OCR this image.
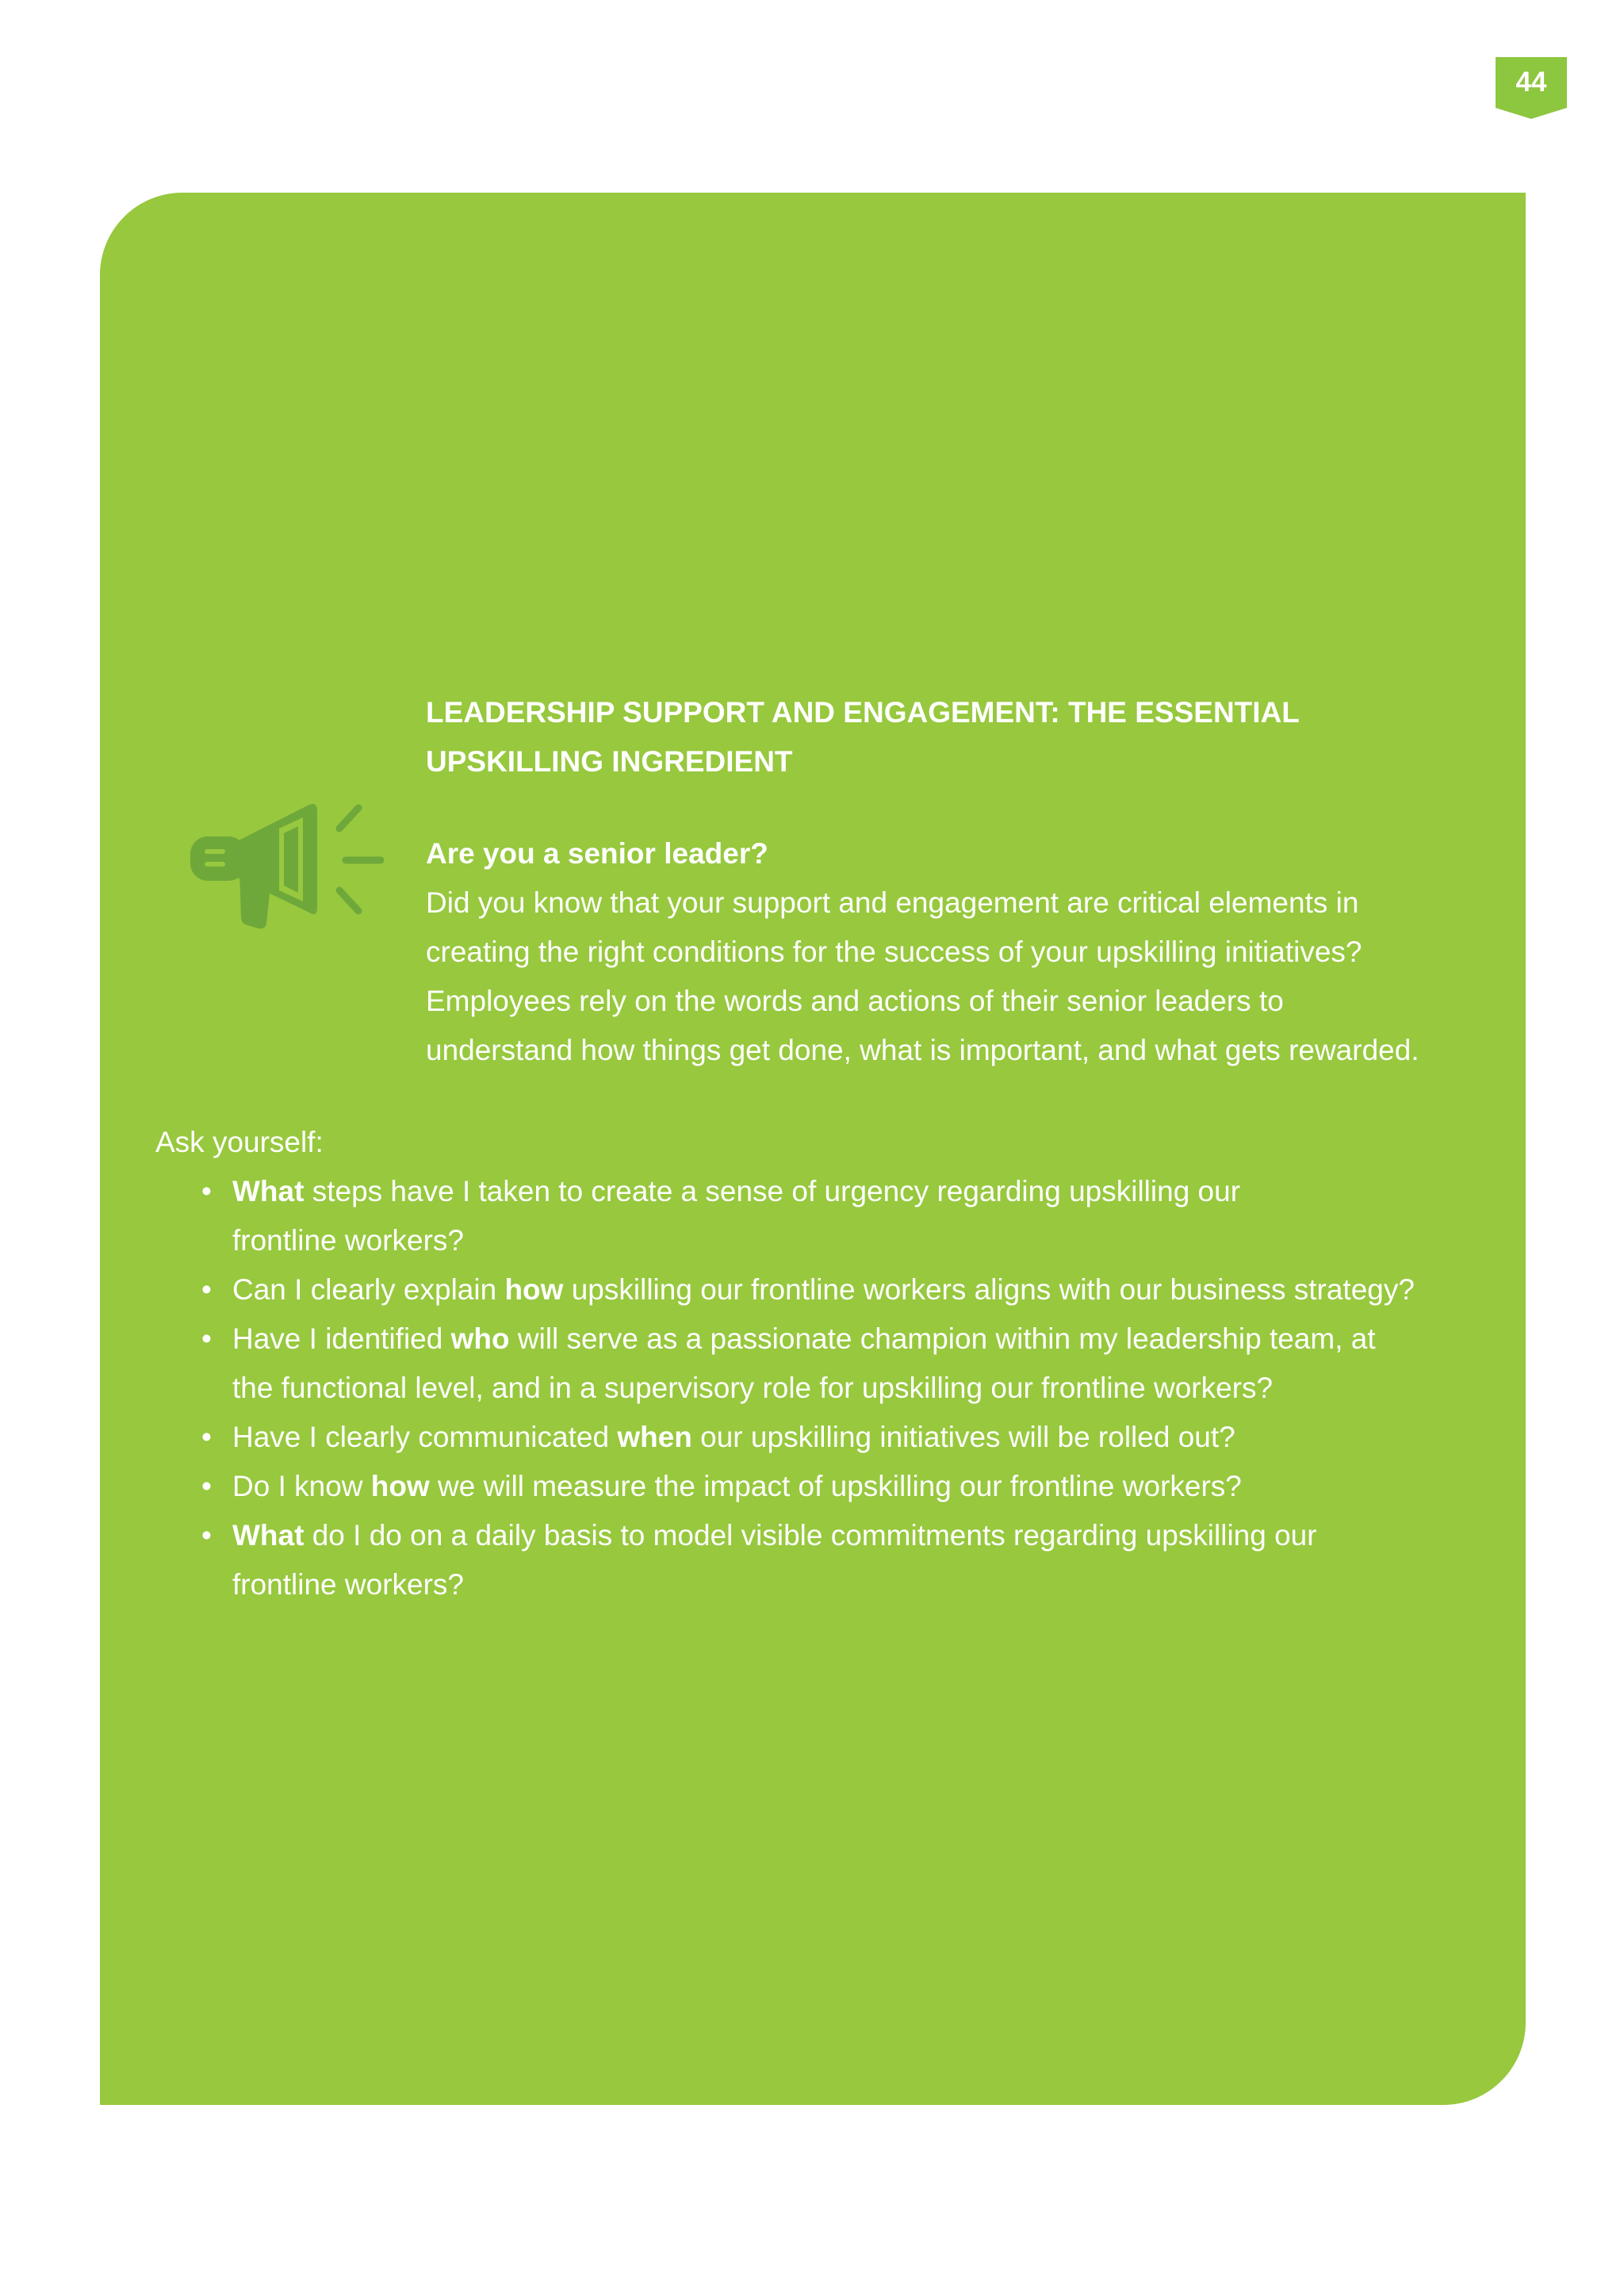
44
LEADERSHIP SUPPORT AND ENGAGEMENT: THE ESSENTIAL
UPSKILLING INGREDIENT
Are you a senior leader?

Did you know that your support and engagement are critical elements in

creating the right conditions for the success of your upskilling initiatives?

Employees rely on the words and actions of their senior leaders to

understand how things get done, what is important, and what gets rewarded.

Ask yourself:
• What steps have I taken to create a sense of urgency regarding upskilling our
frontline workers?
• Can I clearly explain how upskilling our frontline workers aligns with our business strategy?
• Have I identified who will serve as a passionate champion within my leadership team, at
the functional level, and in a supervisory role for upskilling our frontline workers?
• Have I clearly communicated when our upskilling initiatives will be rolled out?
• Do I know how we will measure the impact of upskilling our frontline workers?
• What do I do on a daily basis to model visible commitments regarding upskilling our
frontline workers?
